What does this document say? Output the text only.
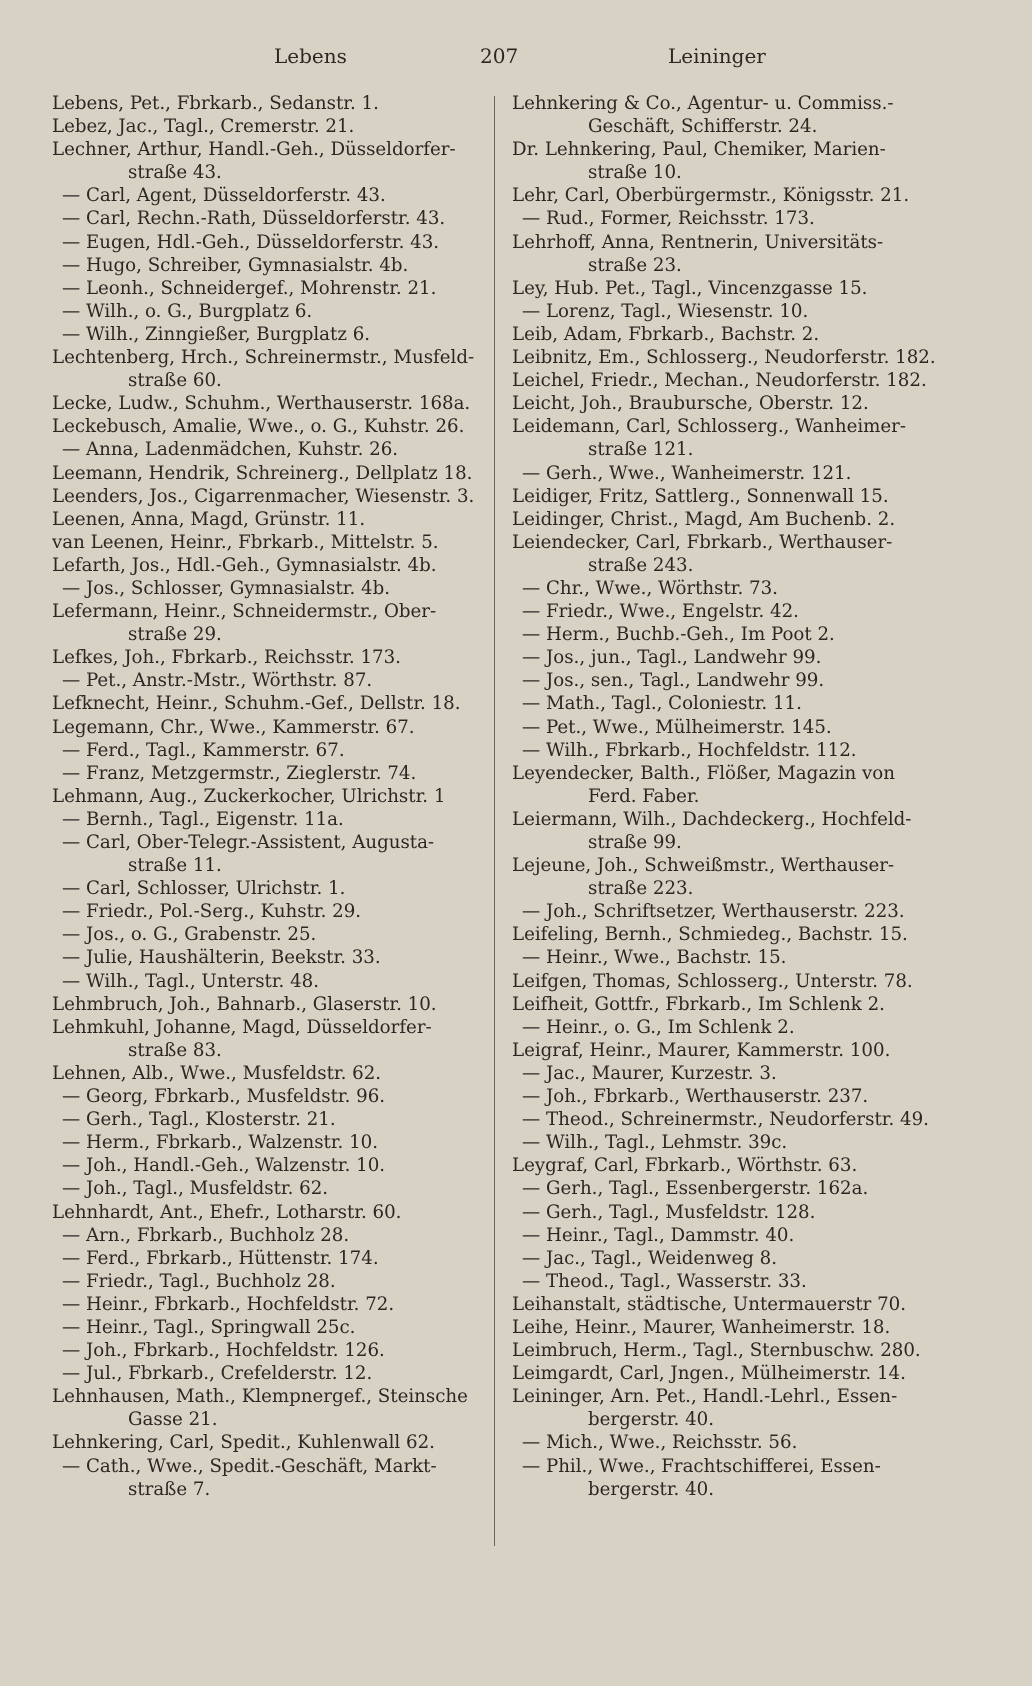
Lebens	207	Leininger
Lebens, Pet., Fbrkarb., Sedanstr. 1.
Lebez, Jac., Tagl., Cremerstr. 21.
Lechner, Arthur, Handl.-Geh., Düsseldorfer-
straße 43.
— Carl, Agent, Düsseldorferstr. 43.
— Carl, Rechn.-Rath, Düsseldorferstr. 43.
— Eugen, Hdl.-Geh., Düsseldorferstr. 43.
— Hugo, Schreiber, Gymnasialstr. 4b.
— Leonh., Schneidergef., Mohrenstr. 21.
— Wilh., o. G., Burgplatz 6.
— Wilh., Zinngießer, Burgplatz 6.
Lechtenberg, Hrch., Schreinermstr., Musfeld-
straße 60.
Lecke, Ludw., Schuhm., Werthauserstr. 168a.
Leckebusch, Amalie, Wwe., o. G., Kuhstr. 26.
— Anna, Ladenmädchen, Kuhstr. 26.
Leemann, Hendrik, Schreinerg., Dellplatz 18.
Leenders, Jos., Cigarrenmacher, Wiesenstr. 3.
Leenen, Anna, Magd, Grünstr. 11.
van Leenen, Heinr., Fbrkarb., Mittelstr. 5.
Lefarth, Jos., Hdl.-Geh., Gymnasialstr. 4b.
— Jos., Schlosser, Gymnasialstr. 4b.
Lefermann, Heinr., Schneidermstr., Ober-
straße 29.
Lefkes, Joh., Fbrkarb., Reichsstr. 173.
— Pet., Anstr.-Mstr., Wörthstr. 87.
Lefknecht, Heinr., Schuhm.-Gef., Dellstr. 18.
Legemann, Chr., Wwe., Kammerstr. 67.
— Ferd., Tagl., Kammerstr. 67.
— Franz, Metzgermstr., Zieglerstr. 74.
Lehmann, Aug., Zuckerkocher, Ulrichstr. 1
— Bernh., Tagl., Eigenstr. 11a.
— Carl, Ober-Telegr.-Assistent, Augusta-
straße 11.
— Carl, Schlosser, Ulrichstr. 1.
— Friedr., Pol.-Serg., Kuhstr. 29.
— Jos., o. G., Grabenstr. 25.
— Julie, Haushälterin, Beekstr. 33.
— Wilh., Tagl., Unterstr. 48.
Lehmbruch, Joh., Bahnarb., Glaserstr. 10.
Lehmkuhl, Johanne, Magd, Düsseldorfer-
straße 83.
Lehnen, Alb., Wwe., Musfeldstr. 62.
— Georg, Fbrkarb., Musfeldstr. 96.
— Gerh., Tagl., Klosterstr. 21.
— Herm., Fbrkarb., Walzenstr. 10.
— Joh., Handl.-Geh., Walzenstr. 10.
— Joh., Tagl., Musfeldstr. 62.
Lehnhardt, Ant., Ehefr., Lotharstr. 60.
— Arn., Fbrkarb., Buchholz 28.
— Ferd., Fbrkarb., Hüttenstr. 174.
— Friedr., Tagl., Buchholz 28.
— Heinr., Fbrkarb., Hochfeldstr. 72.
— Heinr., Tagl., Springwall 25c.
— Joh., Fbrkarb., Hochfeldstr. 126.
— Jul., Fbrkarb., Crefelderstr. 12.
Lehnhausen, Math., Klempnergef., Steinsche
Gasse 21.
Lehnkering, Carl, Spedit., Kuhlenwall 62.
— Cath., Wwe., Spedit.-Geschäft, Markt-
straße 7.
Lehnkering & Co., Agentur- u. Commiss.-
Geschäft, Schifferstr. 24.
Dr. Lehnkering, Paul, Chemiker, Marien-
straße 10.
Lehr, Carl, Oberbürgermstr., Königsstr. 21.
— Rud., Former, Reichsstr. 173.
Lehrhoff, Anna, Rentnerin, Universitäts-
straße 23.
Ley, Hub. Pet., Tagl., Vincenzgasse 15.
— Lorenz, Tagl., Wiesenstr. 10.
Leib, Adam, Fbrkarb., Bachstr. 2.
Leibnitz, Em., Schlosserg., Neudorferstr. 182.
Leichel, Friedr., Mechan., Neudorferstr. 182.
Leicht, Joh., Braubursche, Oberstr. 12.
Leidemann, Carl, Schlosserg., Wanheimer-
straße 121.
— Gerh., Wwe., Wanheimerstr. 121.
Leidiger, Fritz, Sattlerg., Sonnenwall 15.
Leidinger, Christ., Magd, Am Buchenb. 2.
Leiendecker, Carl, Fbrkarb., Werthauser-
straße 243.
— Chr., Wwe., Wörthstr. 73.
— Friedr., Wwe., Engelstr. 42.
— Herm., Buchb.-Geh., Im Poot 2.
— Jos., jun., Tagl., Landwehr 99.
— Jos., sen., Tagl., Landwehr 99.
— Math., Tagl., Coloniestr. 11.
— Pet., Wwe., Mülheimerstr. 145.
— Wilh., Fbrkarb., Hochfeldstr. 112.
Leyendecker, Balth., Flößer, Magazin von
Ferd. Faber.
Leiermann, Wilh., Dachdeckerg., Hochfeld-
straße 99.
Lejeune, Joh., Schweißmstr., Werthauser-
straße 223.
— Joh., Schriftsetzer, Werthauserstr. 223.
Leifeling, Bernh., Schmiedeg., Bachstr. 15.
— Heinr., Wwe., Bachstr. 15.
Leifgen, Thomas, Schlosserg., Unterstr. 78.
Leifheit, Gottfr., Fbrkarb., Im Schlenk 2.
— Heinr., o. G., Im Schlenk 2.
Leigraf, Heinr., Maurer, Kammerstr. 100.
— Jac., Maurer, Kurzestr. 3.
— Joh., Fbrkarb., Werthauserstr. 237.
— Theod., Schreinermstr., Neudorferstr. 49.
— Wilh., Tagl., Lehmstr. 39c.
Leygraf, Carl, Fbrkarb., Wörthstr. 63.
— Gerh., Tagl., Essenbergerstr. 162a.
— Gerh., Tagl., Musfeldstr. 128.
— Heinr., Tagl., Dammstr. 40.
— Jac., Tagl., Weidenweg 8.
— Theod., Tagl., Wasserstr. 33.
Leihanstalt, städtische, Untermauerstr 70.
Leihe, Heinr., Maurer, Wanheimerstr. 18.
Leimbruch, Herm., Tagl., Sternbuschw. 280.
Leimgardt, Carl, Jngen., Mülheimerstr. 14.
Leininger, Arn. Pet., Handl.-Lehrl., Essen-
bergerstr. 40.
— Mich., Wwe., Reichsstr. 56.
— Phil., Wwe., Frachtschifferei, Essen-
bergerstr. 40.
